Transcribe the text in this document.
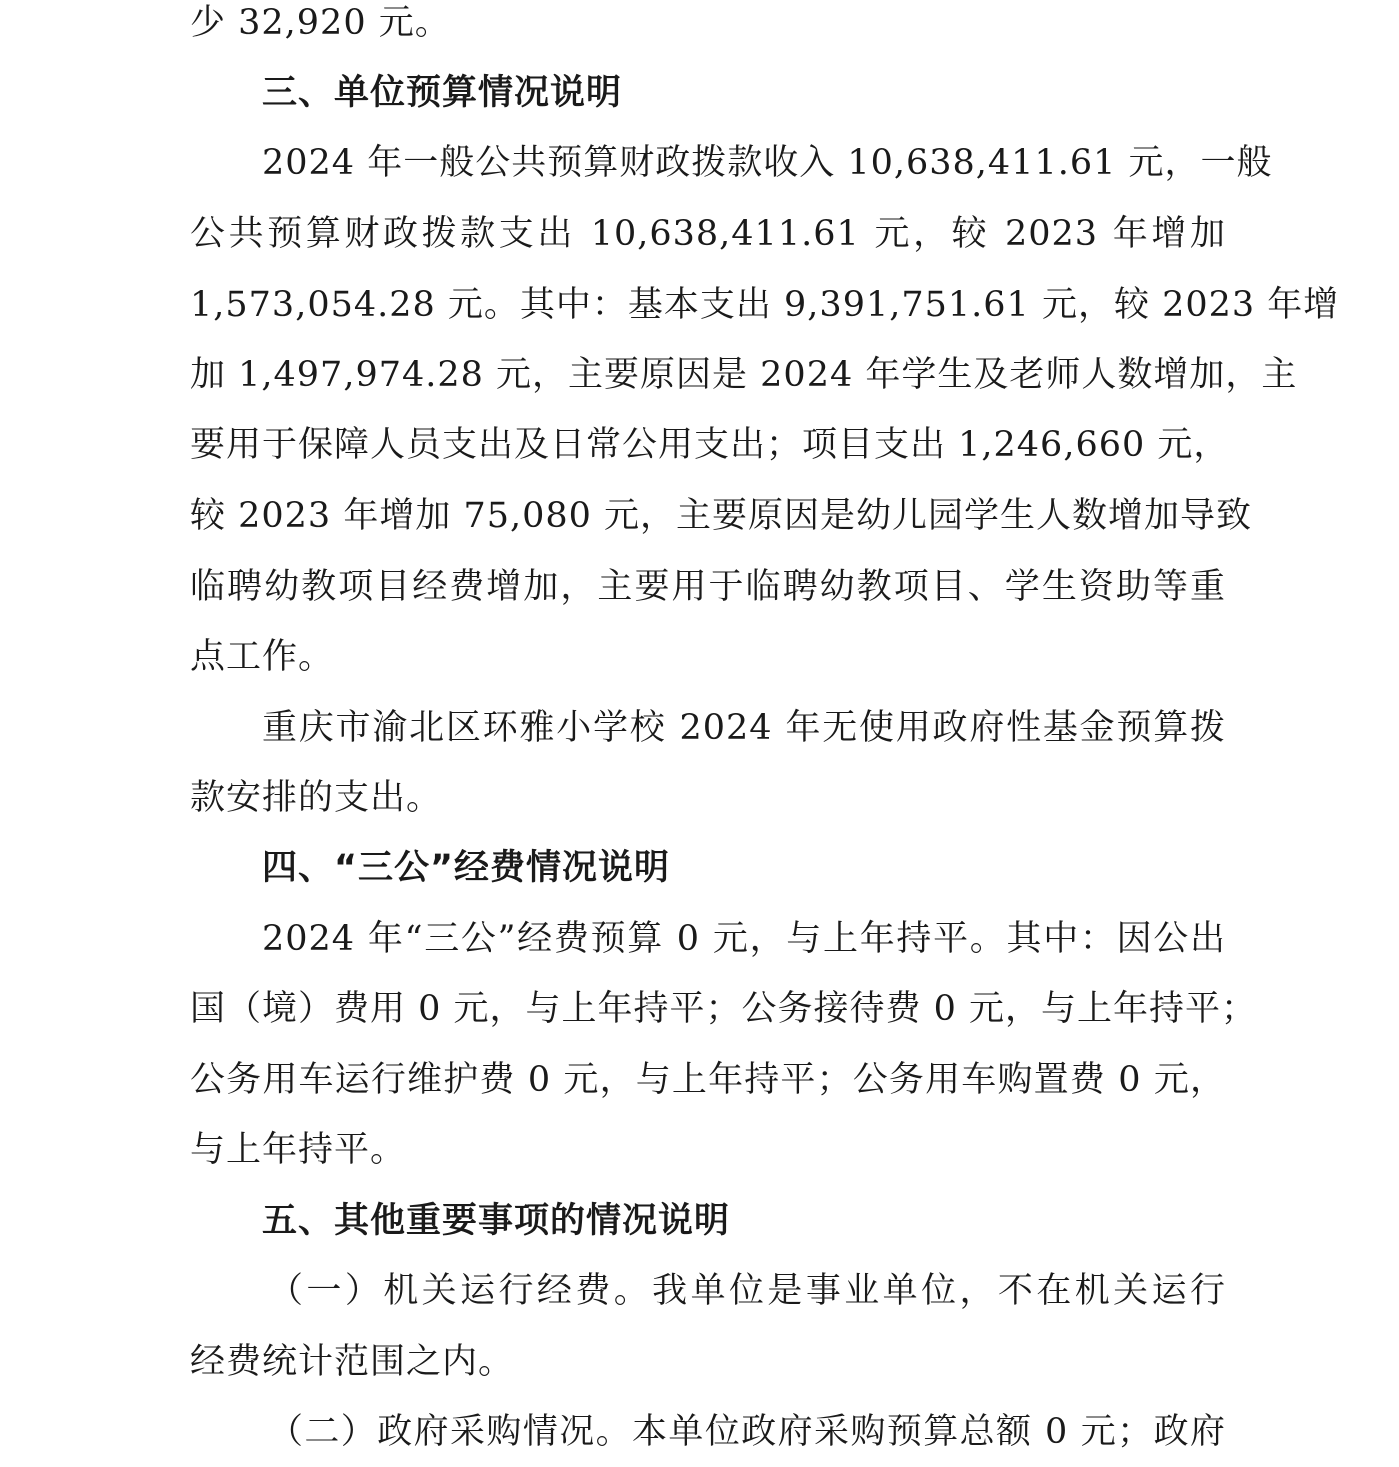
少 32,920 元。
三、单位预算情况说明
2024 年一般公共预算财政拨款收入 10,638,411.61 元，一般
公共预算财政拨款支出 10,638,411.61 元，较 2023 年增加
1,573,054.28 元。其中：基本支出 9,391,751.61 元，较 2023 年增
加 1,497,974.28 元，主要原因是 2024 年学生及老师人数增加，主
要用于保障人员支出及日常公用支出；项目支出 1,246,660 元，
较 2023 年增加 75,080 元，主要原因是幼儿园学生人数增加导致
临聘幼教项目经费增加，主要用于临聘幼教项目、学生资助等重
点工作。
重庆市渝北区环雅小学校 2024 年无使用政府性基金预算拨
款安排的支出。
四、“三公”经费情况说明
2024 年“三公”经费预算 0 元，与上年持平。其中：因公出
国（境）费用 0 元，与上年持平；公务接待费 0 元，与上年持平；
公务用车运行维护费 0 元，与上年持平；公务用车购置费 0 元，
与上年持平。
五、其他重要事项的情况说明
（一）机关运行经费。我单位是事业单位，不在机关运行
经费统计范围之内。
（二）政府采购情况。本单位政府采购预算总额 0 元；政府
